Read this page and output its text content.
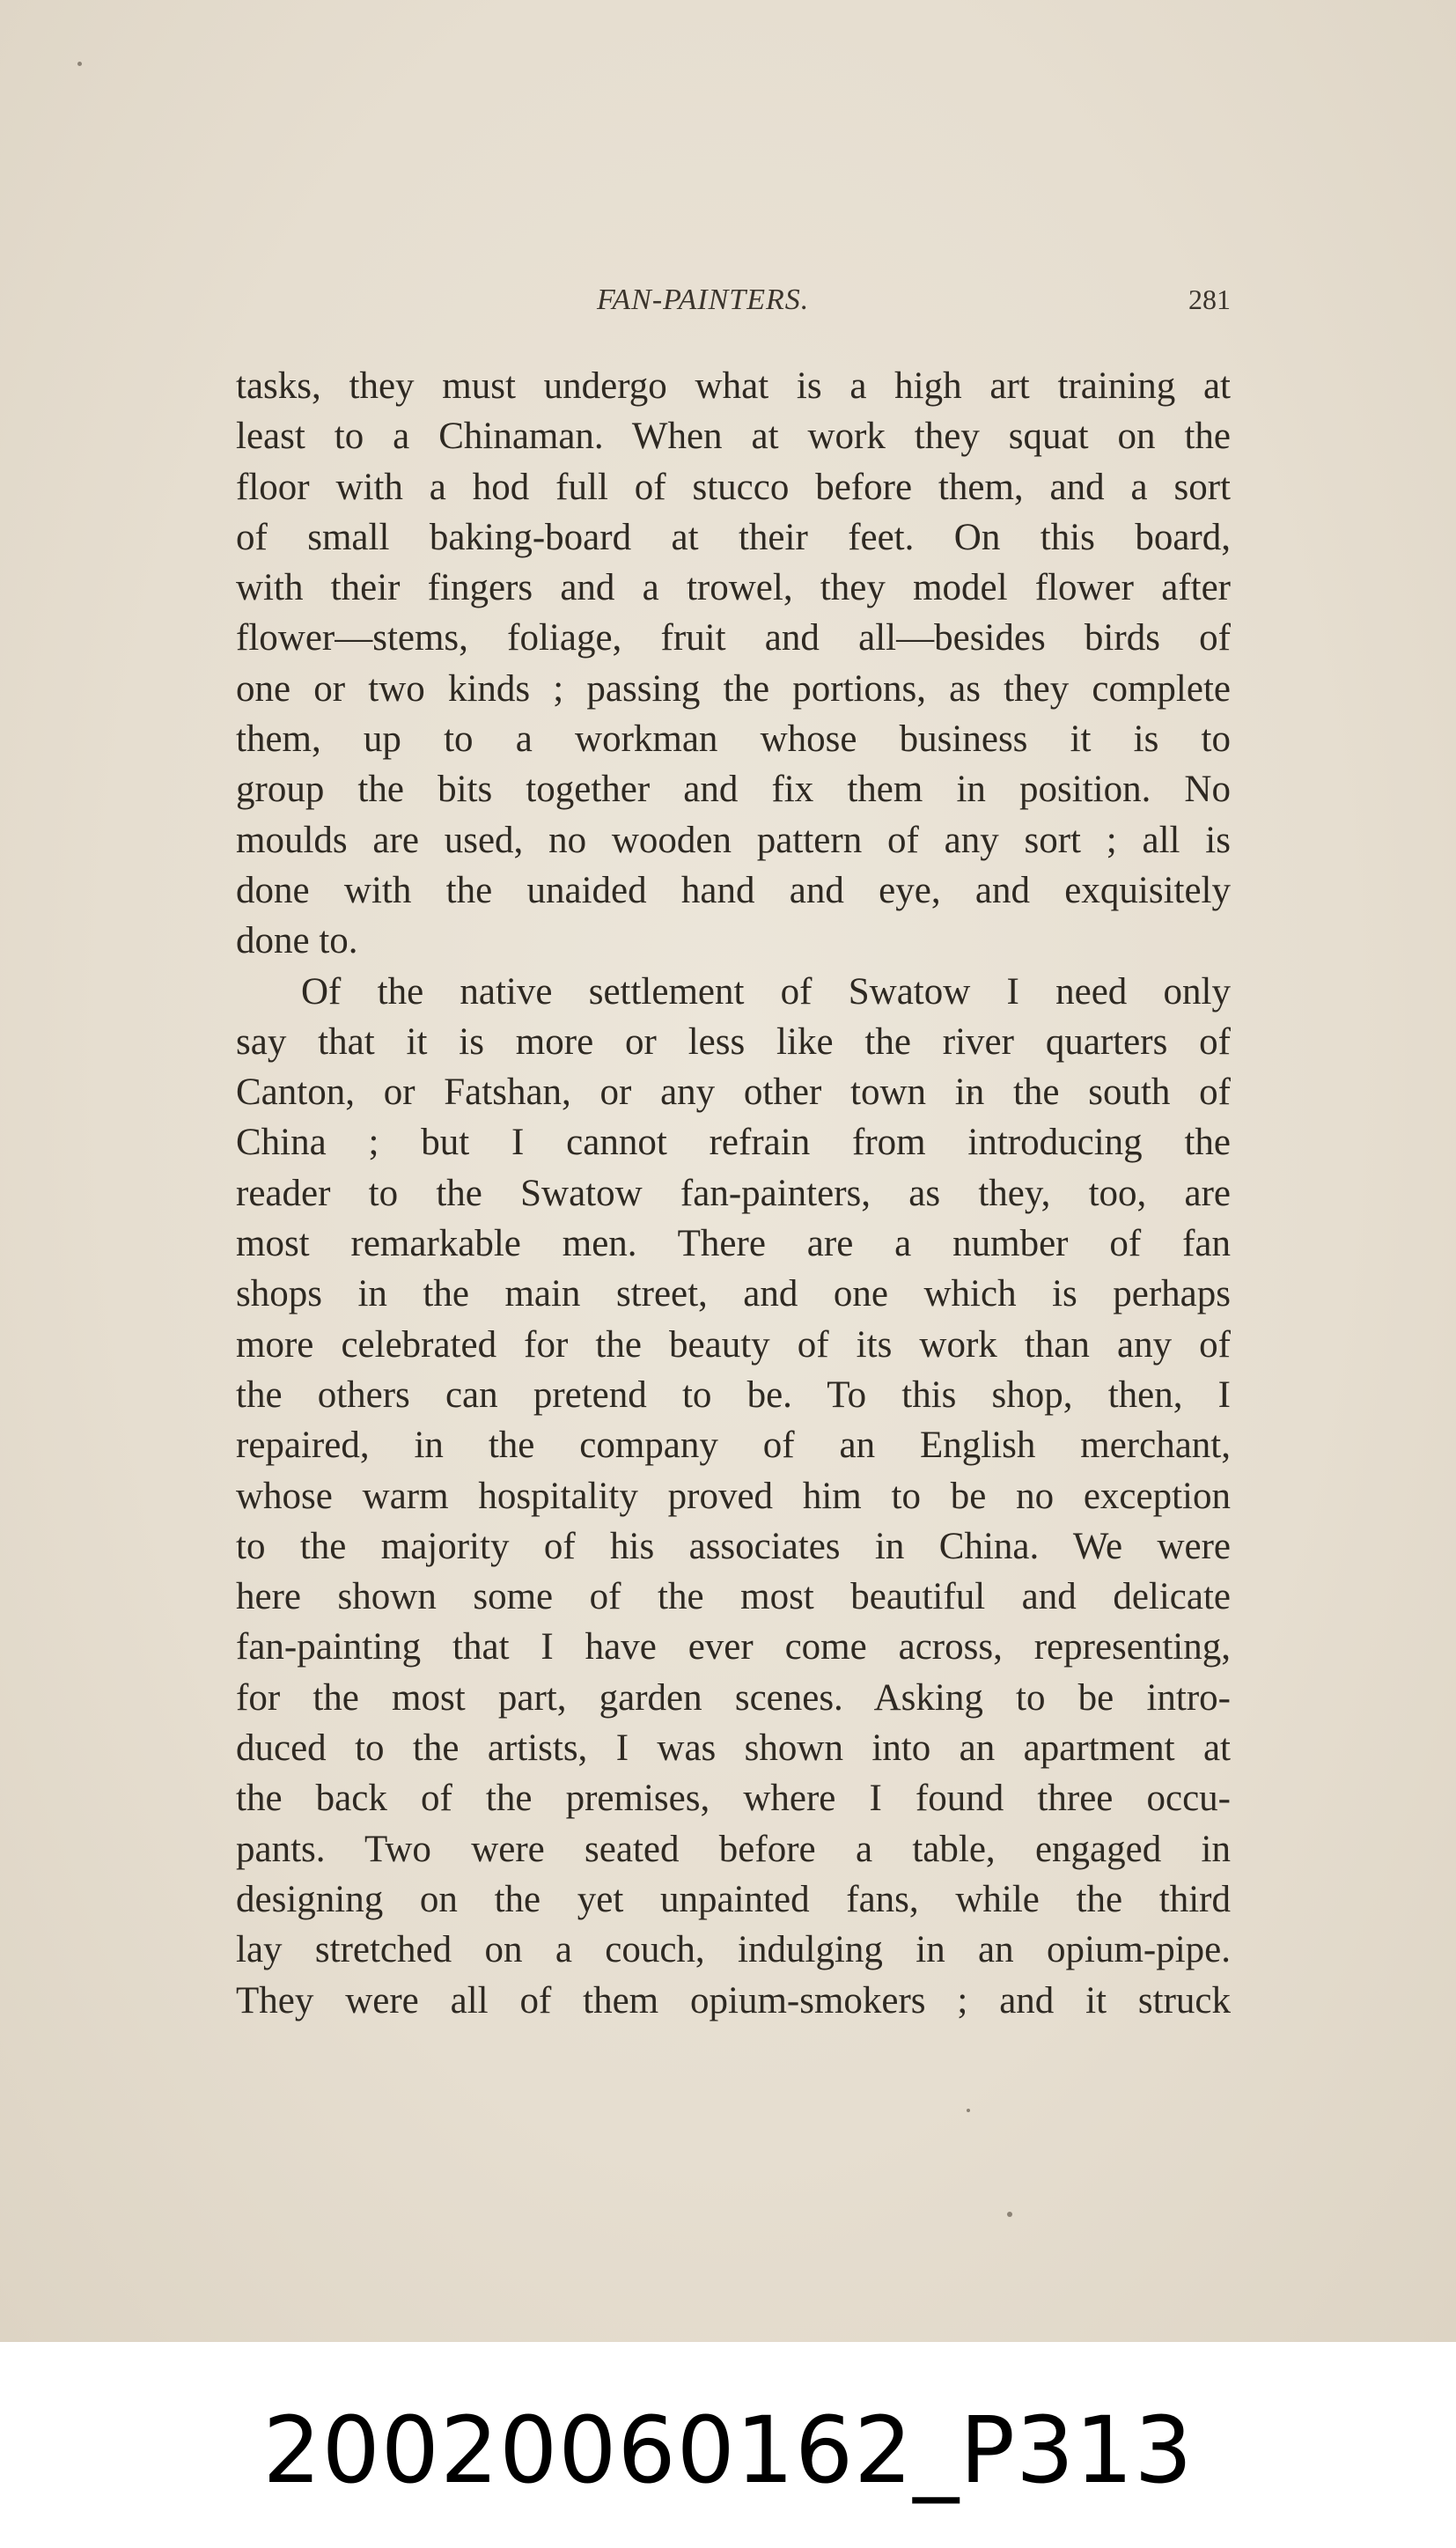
FAN-PAINTERS.	281
tasks, they must undergo what is a high art training at
least to a Chinaman. When at work they squat on the
floor with a hod full of stucco before them, and a sort
of small baking-board at their feet. On this board,
with their fingers and a trowel, they model flower after
flower—stems, foliage, fruit and all—besides birds of
one or two kinds ; passing the portions, as they complete
them, up to a workman whose business it is to
group the bits together and fix them in position. No
moulds are used, no wooden pattern of any sort ; all is
done with the unaided hand and eye, and exquisitely
done to.
Of the native settlement of Swatow I need only
say that it is more or less like the river quarters of
Canton, or Fatshan, or any other town in the south of
China ; but I cannot refrain from introducing the
reader to the Swatow fan-painters, as they, too, are
most remarkable men. There are a number of fan
shops in the main street, and one which is perhaps
more celebrated for the beauty of its work than any of
the others can pretend to be. To this shop, then, I
repaired, in the company of an English merchant,
whose warm hospitality proved him to be no exception
to the majority of his associates in China. We were
here shown some of the most beautiful and delicate
fan-painting that I have ever come across, representing,
for the most part, garden scenes. Asking to be intro-
duced to the artists, I was shown into an apartment at
the back of the premises, where I found three occu-
pants. Two were seated before a table, engaged in
designing on the yet unpainted fans, while the third
lay stretched on a couch, indulging in an opium-pipe.
They were all of them opium-smokers ; and it struck
20020060162_P313
